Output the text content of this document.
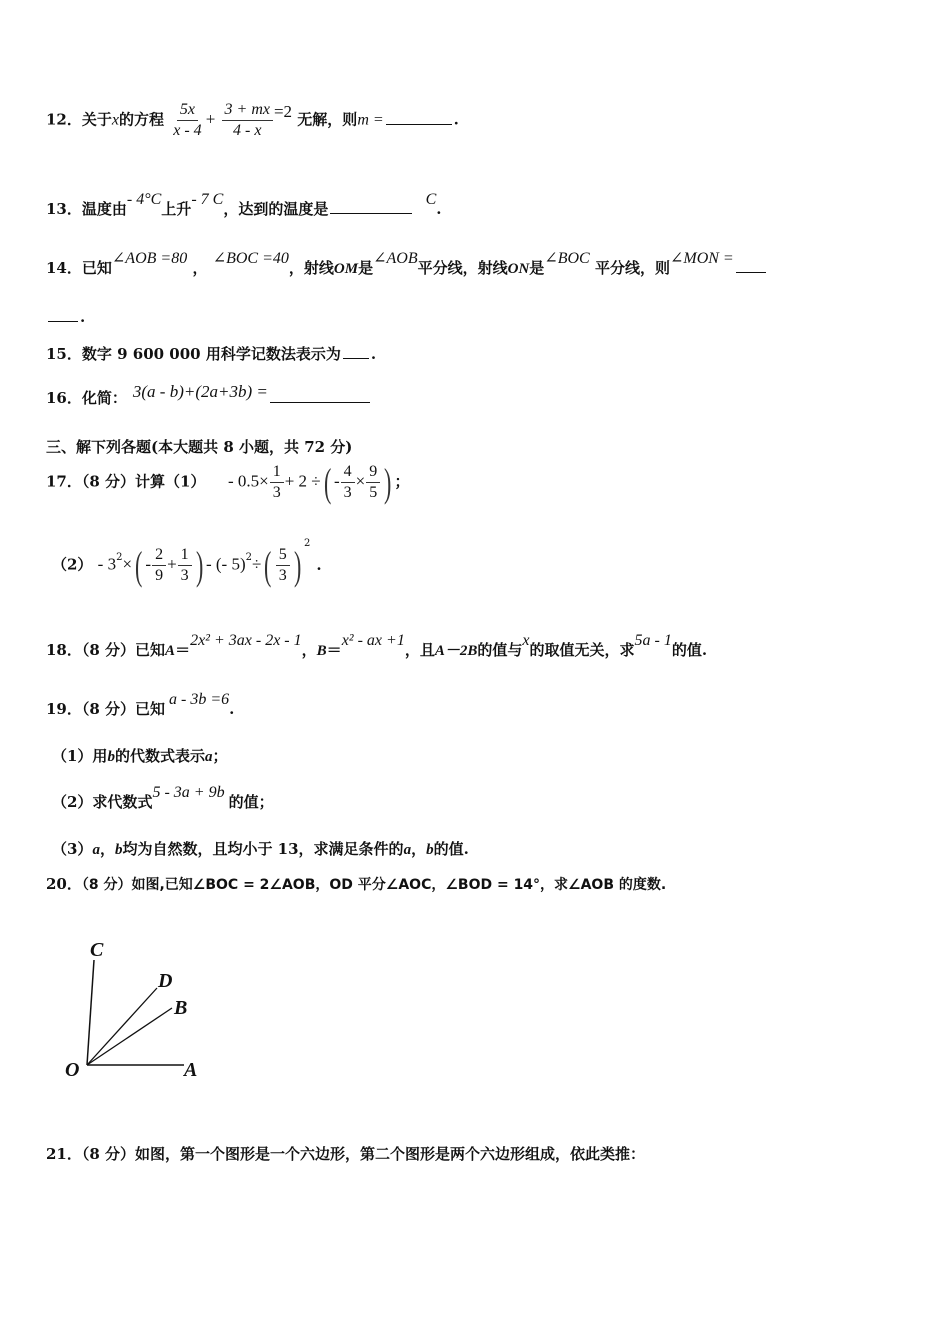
12．关于x的方程 $\frac{5x}{x - 4} + \frac{3 + mx}{4 - x} =2$ 无解，则m =	.
13．温度由- 4°C上升- 7 C，达到的温度是 C.
14．已知∠AOB =80 ， ∠BOC =40，射线OM是∠AOB平分线，射线ON是∠BOC 平分线，则∠MON =
.
15．数字 9 600 000 用科学记数法表示为 .
16．化简： 3(a - b)+(2a+3b) =
三、解下列各题(本大题共 8 小题，共 72 分)
17．（8 分）计算$(1) - 0.5\times \frac{1}{3} + 2$ ÷( - $\frac{4}{3} \times \frac{9}{5}$ ) ；
$(2) - 3^2\times( - \frac{2}{9} + \frac{1}{3}$ ) - (- $5)^2\div( \frac{5}{3}$ ) $^2$.
18．（8 分）已知A＝2x² + 3ax - 2x - 1，B＝x² - ax +1，且A－2B的值与x的取值无关，求5a - 1的值.
19．（8 分）已知a - 3b =6.
（1）用b的代数式表示a；
（2）求代数式5 - 3a + 9b的值；
（3）a，b均为自然数，且均小于 13，求满足条件的a，b的值.
20．（8 分）如图,已知∠BOC = 2∠AOB，OD 平分∠AOC，∠BOD = 14°，求∠AOB 的度数.
C
D
B
O	A
21．（8 分）如图，第一个图形是一个六边形，第二个图形是两个六边形组成，依此类推：
